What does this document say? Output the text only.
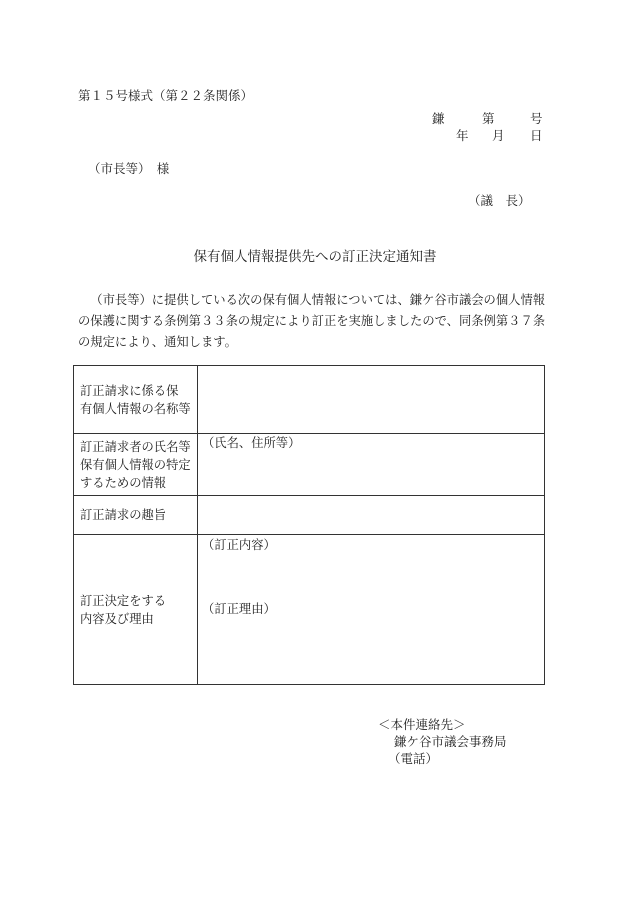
第１５号様式（第２２条関係）
鎌	第	号
年 月 日
（市長等）　様
（議　長）
保有個人情報提供先への訂正決定通知書
（市長等）に提供している次の保有個人情報については、鎌ケ谷市議会の個人情報
の保護に関する条例第３３条の規定により訂正を実施しましたので、同条例第３７条
の規定により、通知します。
訂正請求に係る保
有個人情報の名称等
訂正請求者の氏名等
保有個人情報の特定
するための情報
（氏名、住所等）
訂正請求の趣旨
訂正決定をする
内容及び理由
（訂正内容）
（訂正理由）
＜本件連絡先＞
鎌ケ谷市議会事務局
（電話）
